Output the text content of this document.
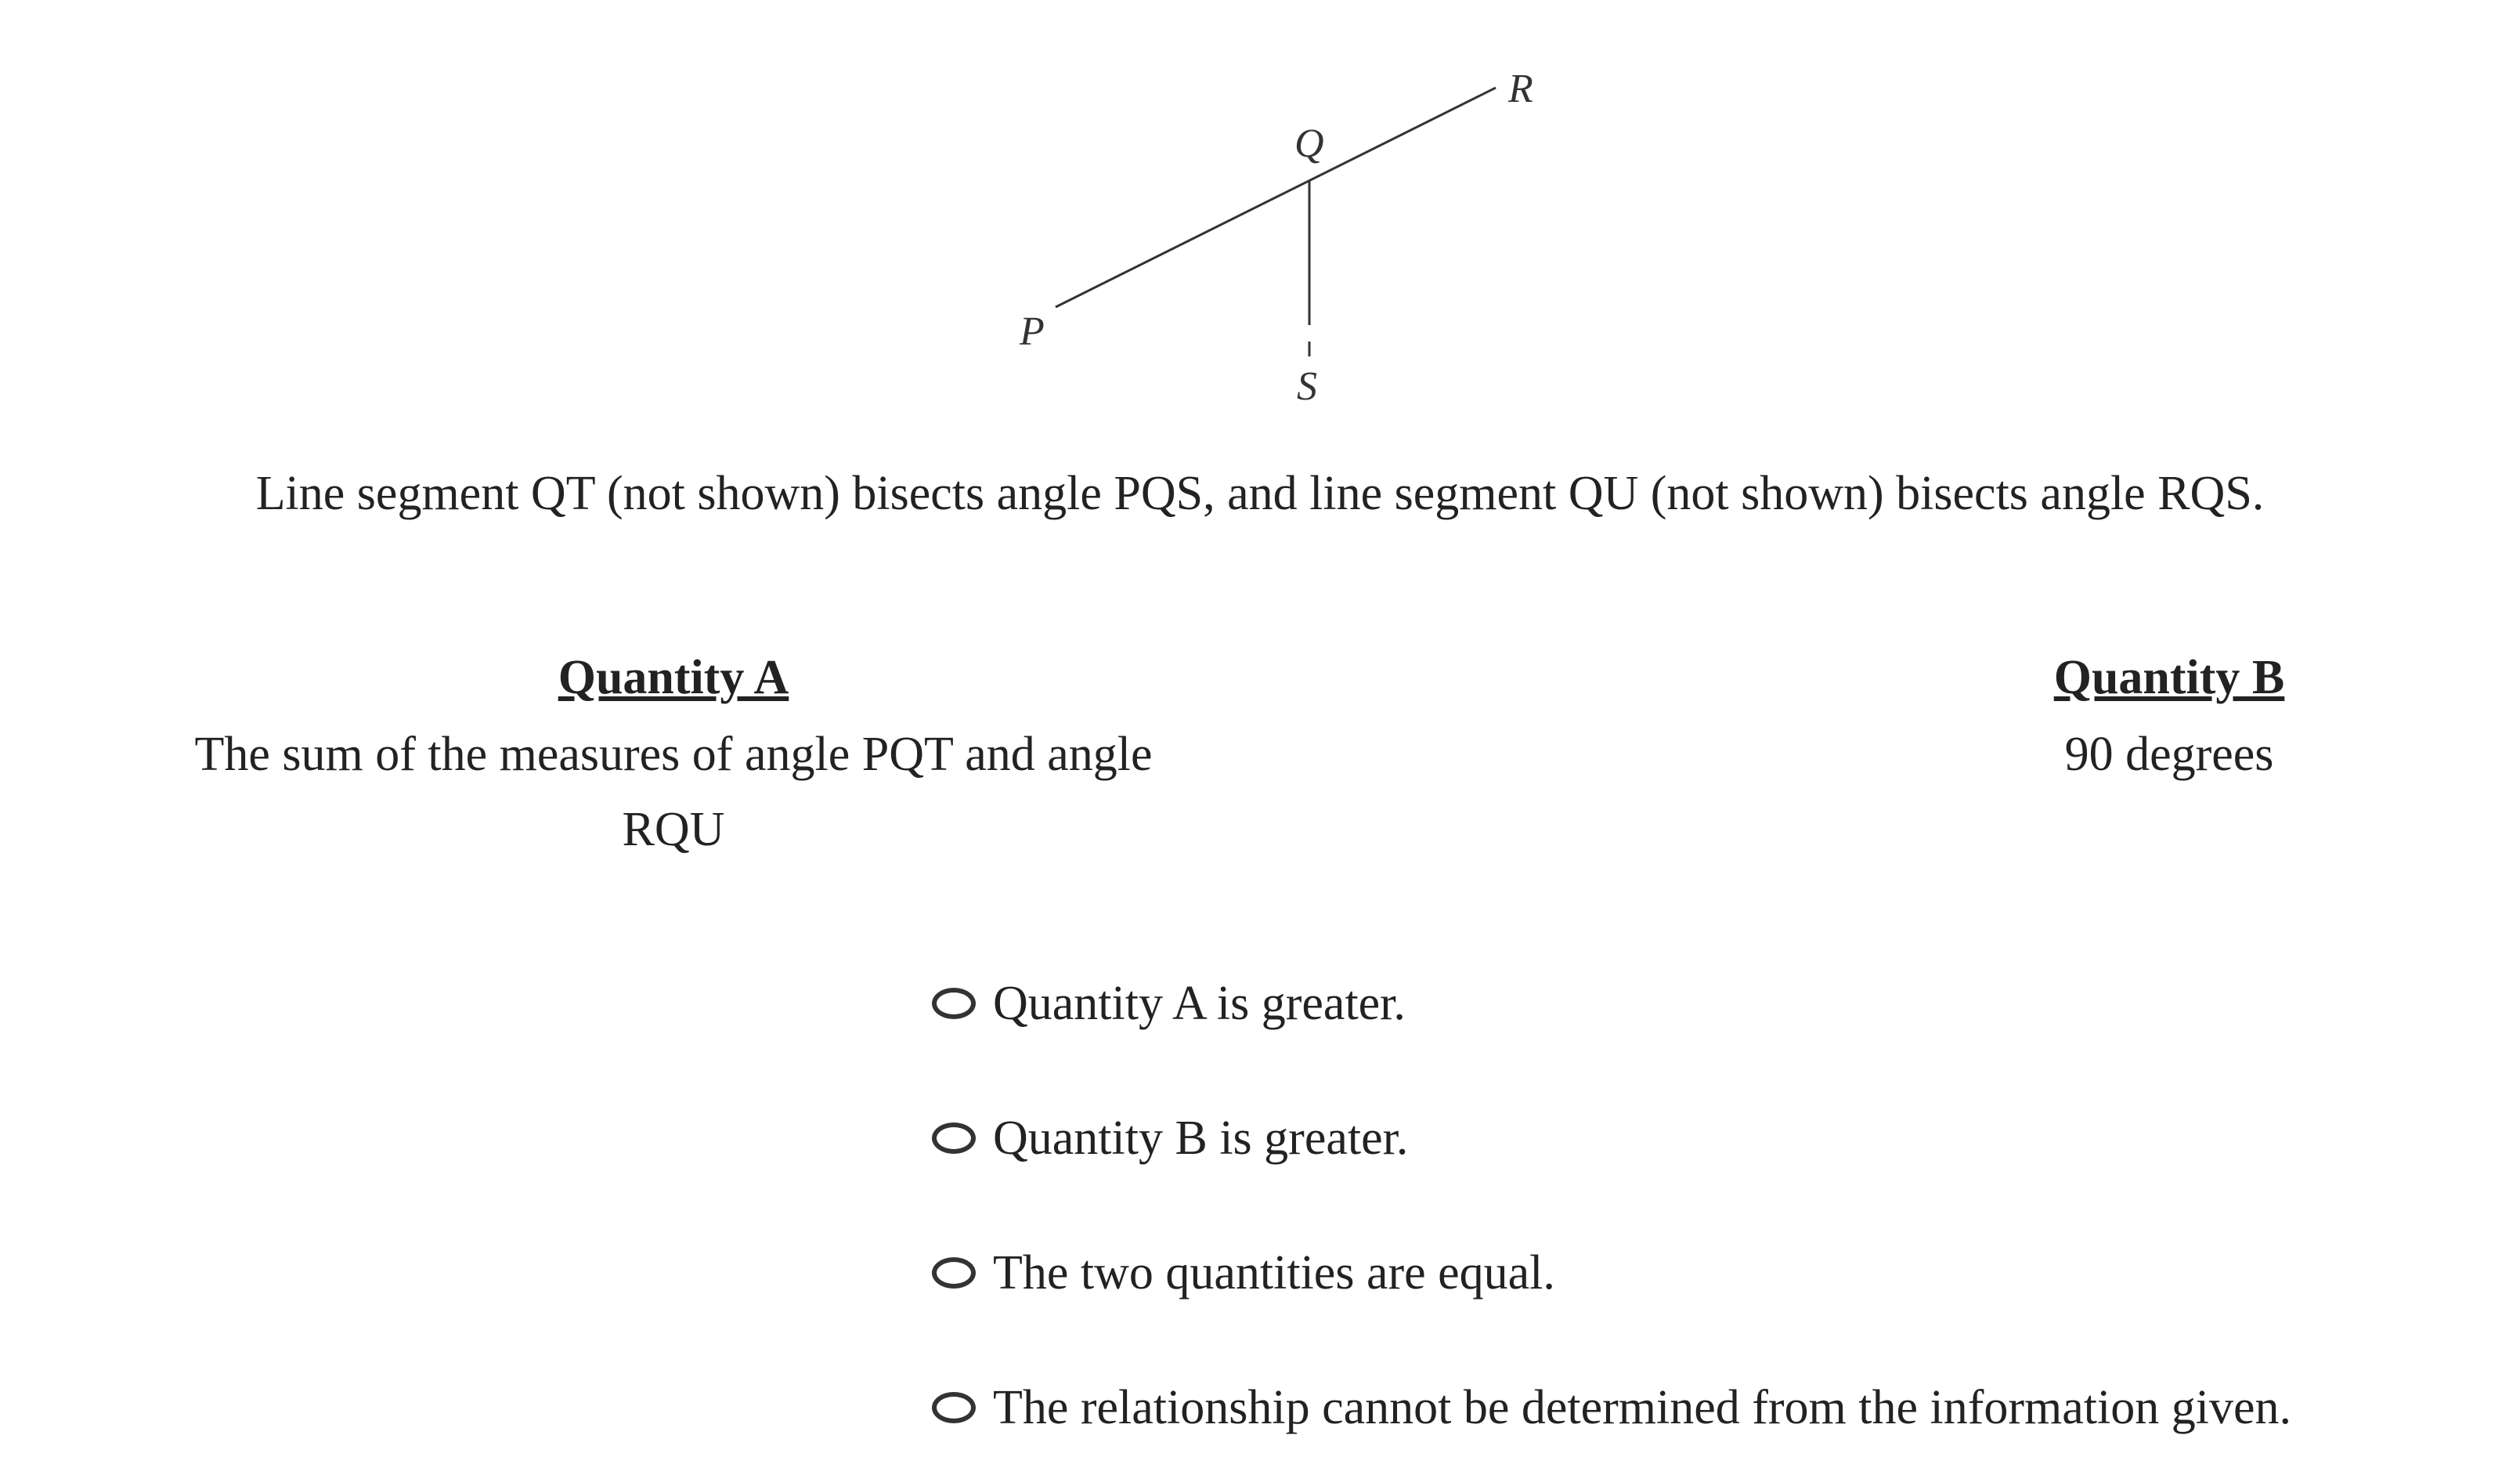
P
Q
R
S
Line segment QT (not shown) bisects angle PQS, and line segment QU (not shown) bisects angle RQS.
Quantity A
The sum of the measures of angle PQT and angle RQU
Quantity B
90 degrees
Quantity A is greater.
Quantity B is greater.
The two quantities are equal.
The relationship cannot be determined from the information given.
